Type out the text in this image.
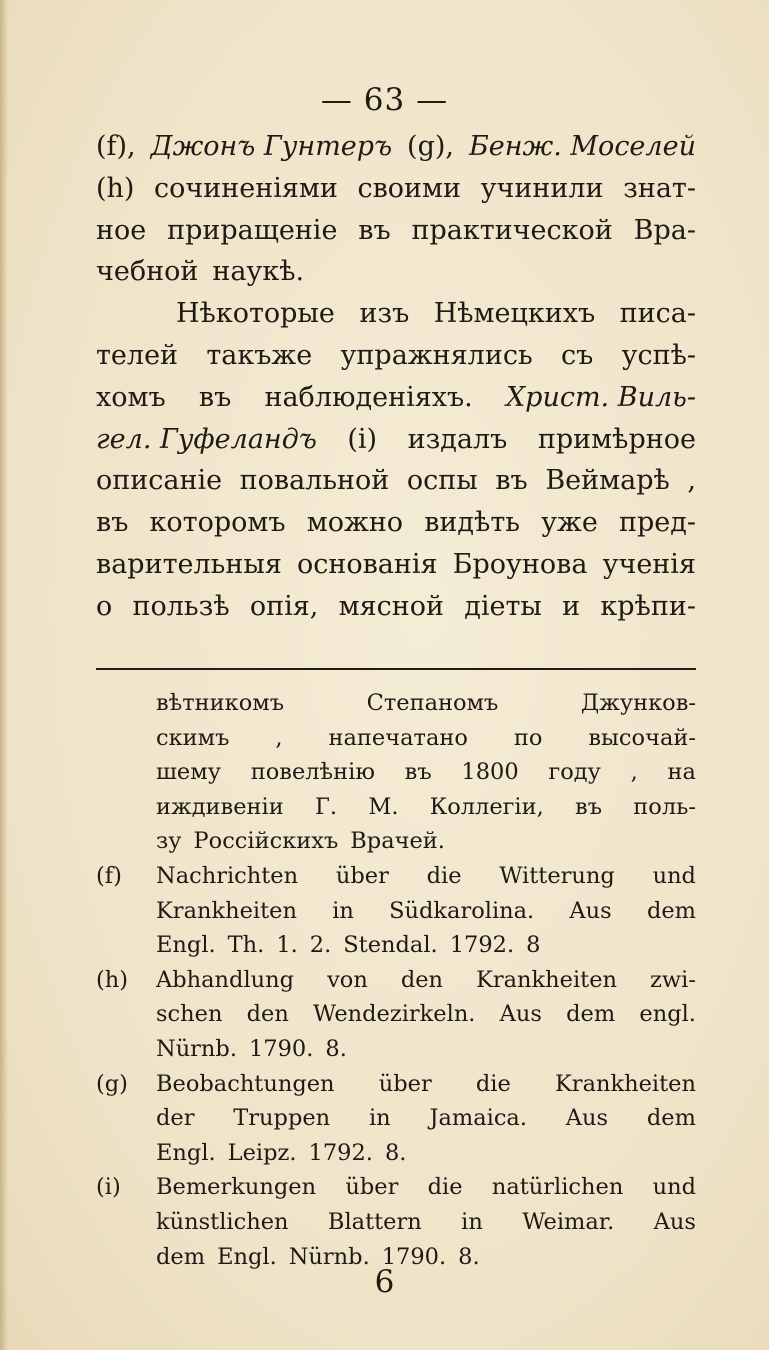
— 63 —
(f), Джонъ Гунтеръ (g), Бенж. Моселей
(h) сочиненіями своими учинили знат-
ное приращеніе въ практической Вра-
чебной наукѣ.
Нѣкоторые изъ Нѣмецкихъ писа-
телей такъже упражнялись съ успѣ-
хомъ въ наблюденіяхъ. Христ. Виль-
гел. Гуфеландъ (i) издалъ примѣрное
описаніе повальной оспы въ Веймарѣ ,
въ которомъ можно видѣть уже пред-
варительныя основанія Броунова ученія
о пользѣ опія, мясной діеты и крѣпи-
вѣтникомъ	Степаномъ	Джунков-
скимъ , напечатано по высочай-
шему повелѣнію въ 1800 году , на
иждивеніи Г. М. Коллегіи, въ поль-
зу Россійскихъ Врачей.
(f)	Nachrichten über die Witterung und
Krankheiten in Südkarolina. Aus dem
Engl. Th. 1. 2. Stendal. 1792. 8
(h)	Abhandlung von den Krankheiten zwi-
schen den Wendezirkeln. Aus dem engl.
Nürnb. 1790. 8.
(g)	Beobachtungen über die Krankheiten
der Truppen in Jamaica. Aus dem
Engl. Leipz. 1792. 8.
(i)	Bemerkungen über die natürlichen und
künstlichen Blattern in Weimar. Aus
dem Engl. Nürnb. 1790. 8.
6
